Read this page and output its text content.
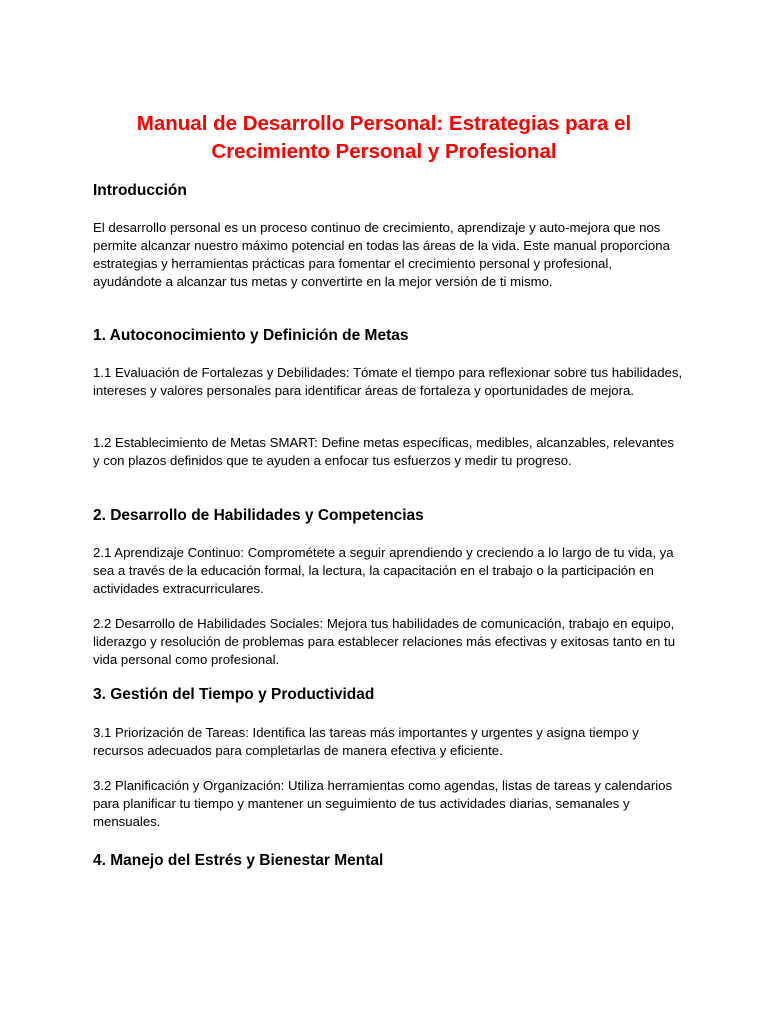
Manual de Desarrollo Personal: Estrategias para el Crecimiento Personal y Profesional
Introducción

El desarrollo personal es un proceso continuo de crecimiento, aprendizaje y auto-mejora que nos permite alcanzar nuestro máximo potencial en todas las áreas de la vida. Este manual proporciona estrategias y herramientas prácticas para fomentar el crecimiento personal y profesional, ayudándote a alcanzar tus metas y convertirte en la mejor versión de ti mismo.

1. Autoconocimiento y Definición de Metas

1.1 Evaluación de Fortalezas y Debilidades: Tómate el tiempo para reflexionar sobre tus habilidades, intereses y valores personales para identificar áreas de fortaleza y oportunidades de mejora.

1.2 Establecimiento de Metas SMART: Define metas específicas, medibles, alcanzables, relevantes y con plazos definidos que te ayuden a enfocar tus esfuerzos y medir tu progreso.

2. Desarrollo de Habilidades y Competencias

2.1 Aprendizaje Continuo: Comprométete a seguir aprendiendo y creciendo a lo largo de tu vida, ya sea a través de la educación formal, la lectura, la capacitación en el trabajo o la participación en actividades extracurriculares.

2.2 Desarrollo de Habilidades Sociales: Mejora tus habilidades de comunicación, trabajo en equipo, liderazgo y resolución de problemas para establecer relaciones más efectivas y exitosas tanto en tu vida personal como profesional.

3. Gestión del Tiempo y Productividad

3.1 Priorización de Tareas: Identifica las tareas más importantes y urgentes y asigna tiempo y recursos adecuados para completarlas de manera efectiva y eficiente.

3.2 Planificación y Organización: Utiliza herramientas como agendas, listas de tareas y calendarios para planificar tu tiempo y mantener un seguimiento de tus actividades diarias, semanales y mensuales.

4. Manejo del Estrés y Bienestar Mental
